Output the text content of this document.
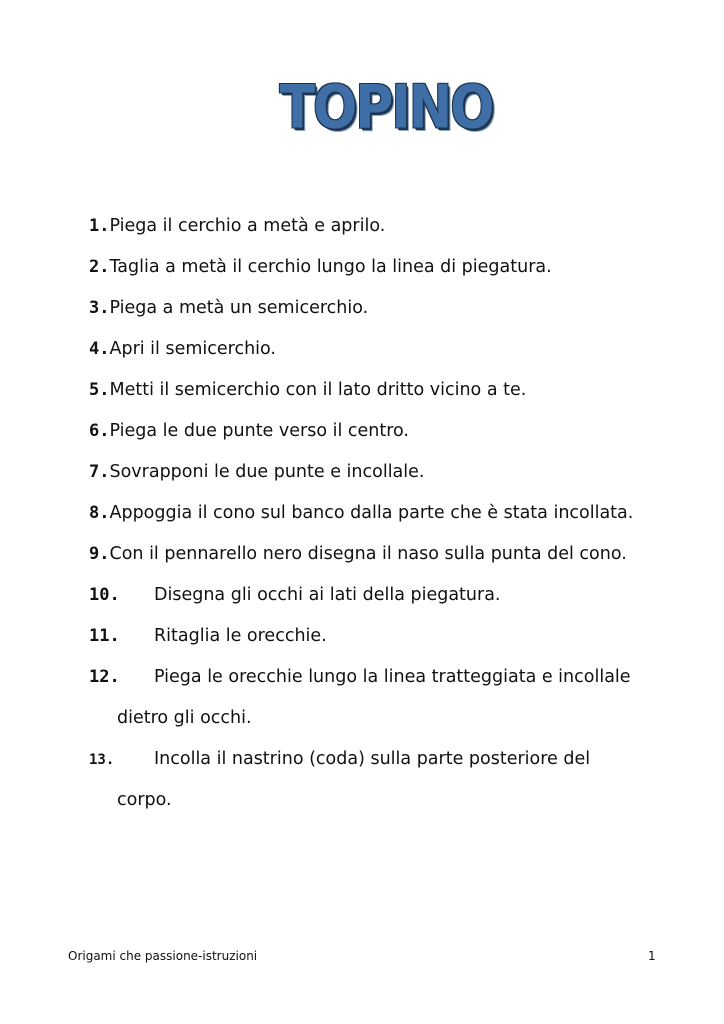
TOPINO
1. Piega il cerchio a metà e aprilo.
2. Taglia a metà il cerchio lungo la linea di piegatura.
3. Piega a metà un semicerchio.
4. Apri il semicerchio.
5. Metti il semicerchio con il lato dritto vicino a te.
6. Piega le due punte verso il centro.
7. Sovrapponi le due punte e incollale.
8. Appoggia il cono sul banco dalla parte che è stata incollata.
9. Con il pennarello nero disegna il naso sulla punta del cono.
10.	Disegna gli occhi ai lati della piegatura.
11.	Ritaglia le orecchie.
12.	Piega le orecchie lungo la linea tratteggiata e incollale
dietro gli occhi.
13.	Incolla il nastrino (coda) sulla parte posteriore del
corpo.
Origami che passione-istruzioni	1
